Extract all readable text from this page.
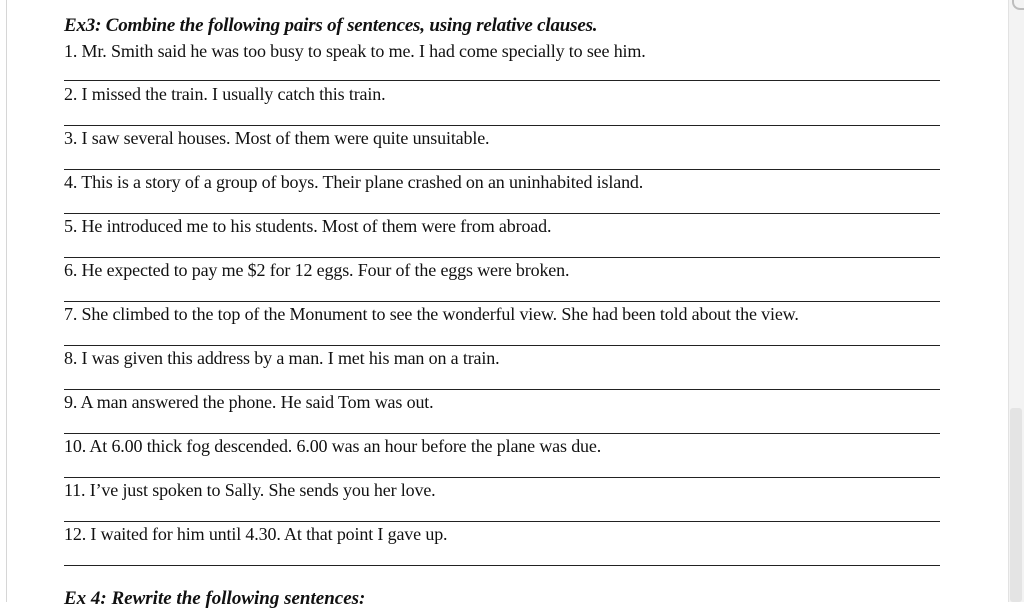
Ex3: Combine the following pairs of sentences, using relative clauses.
1. Mr. Smith said he was too busy to speak to me. I had come specially to see him.
2. I missed the train. I usually catch this train.
3. I saw several houses. Most of them were quite unsuitable.
4. This is a story of a group of boys. Their plane crashed on an uninhabited island.
5. He introduced me to his students. Most of them were from abroad.
6. He expected to pay me $2 for 12 eggs. Four of the eggs were broken.
7. She climbed to the top of the Monument to see the wonderful view. She had been told about the view.
8. I was given this address by a man. I met his man on a train.
9. A man answered the phone. He said Tom was out.
10. At 6.00 thick fog descended. 6.00 was an hour before the plane was due.
11. I’ve just spoken to Sally. She sends you her love.
12. I waited for him until 4.30. At that point I gave up.
Ex 4: Rewrite the following sentences:
